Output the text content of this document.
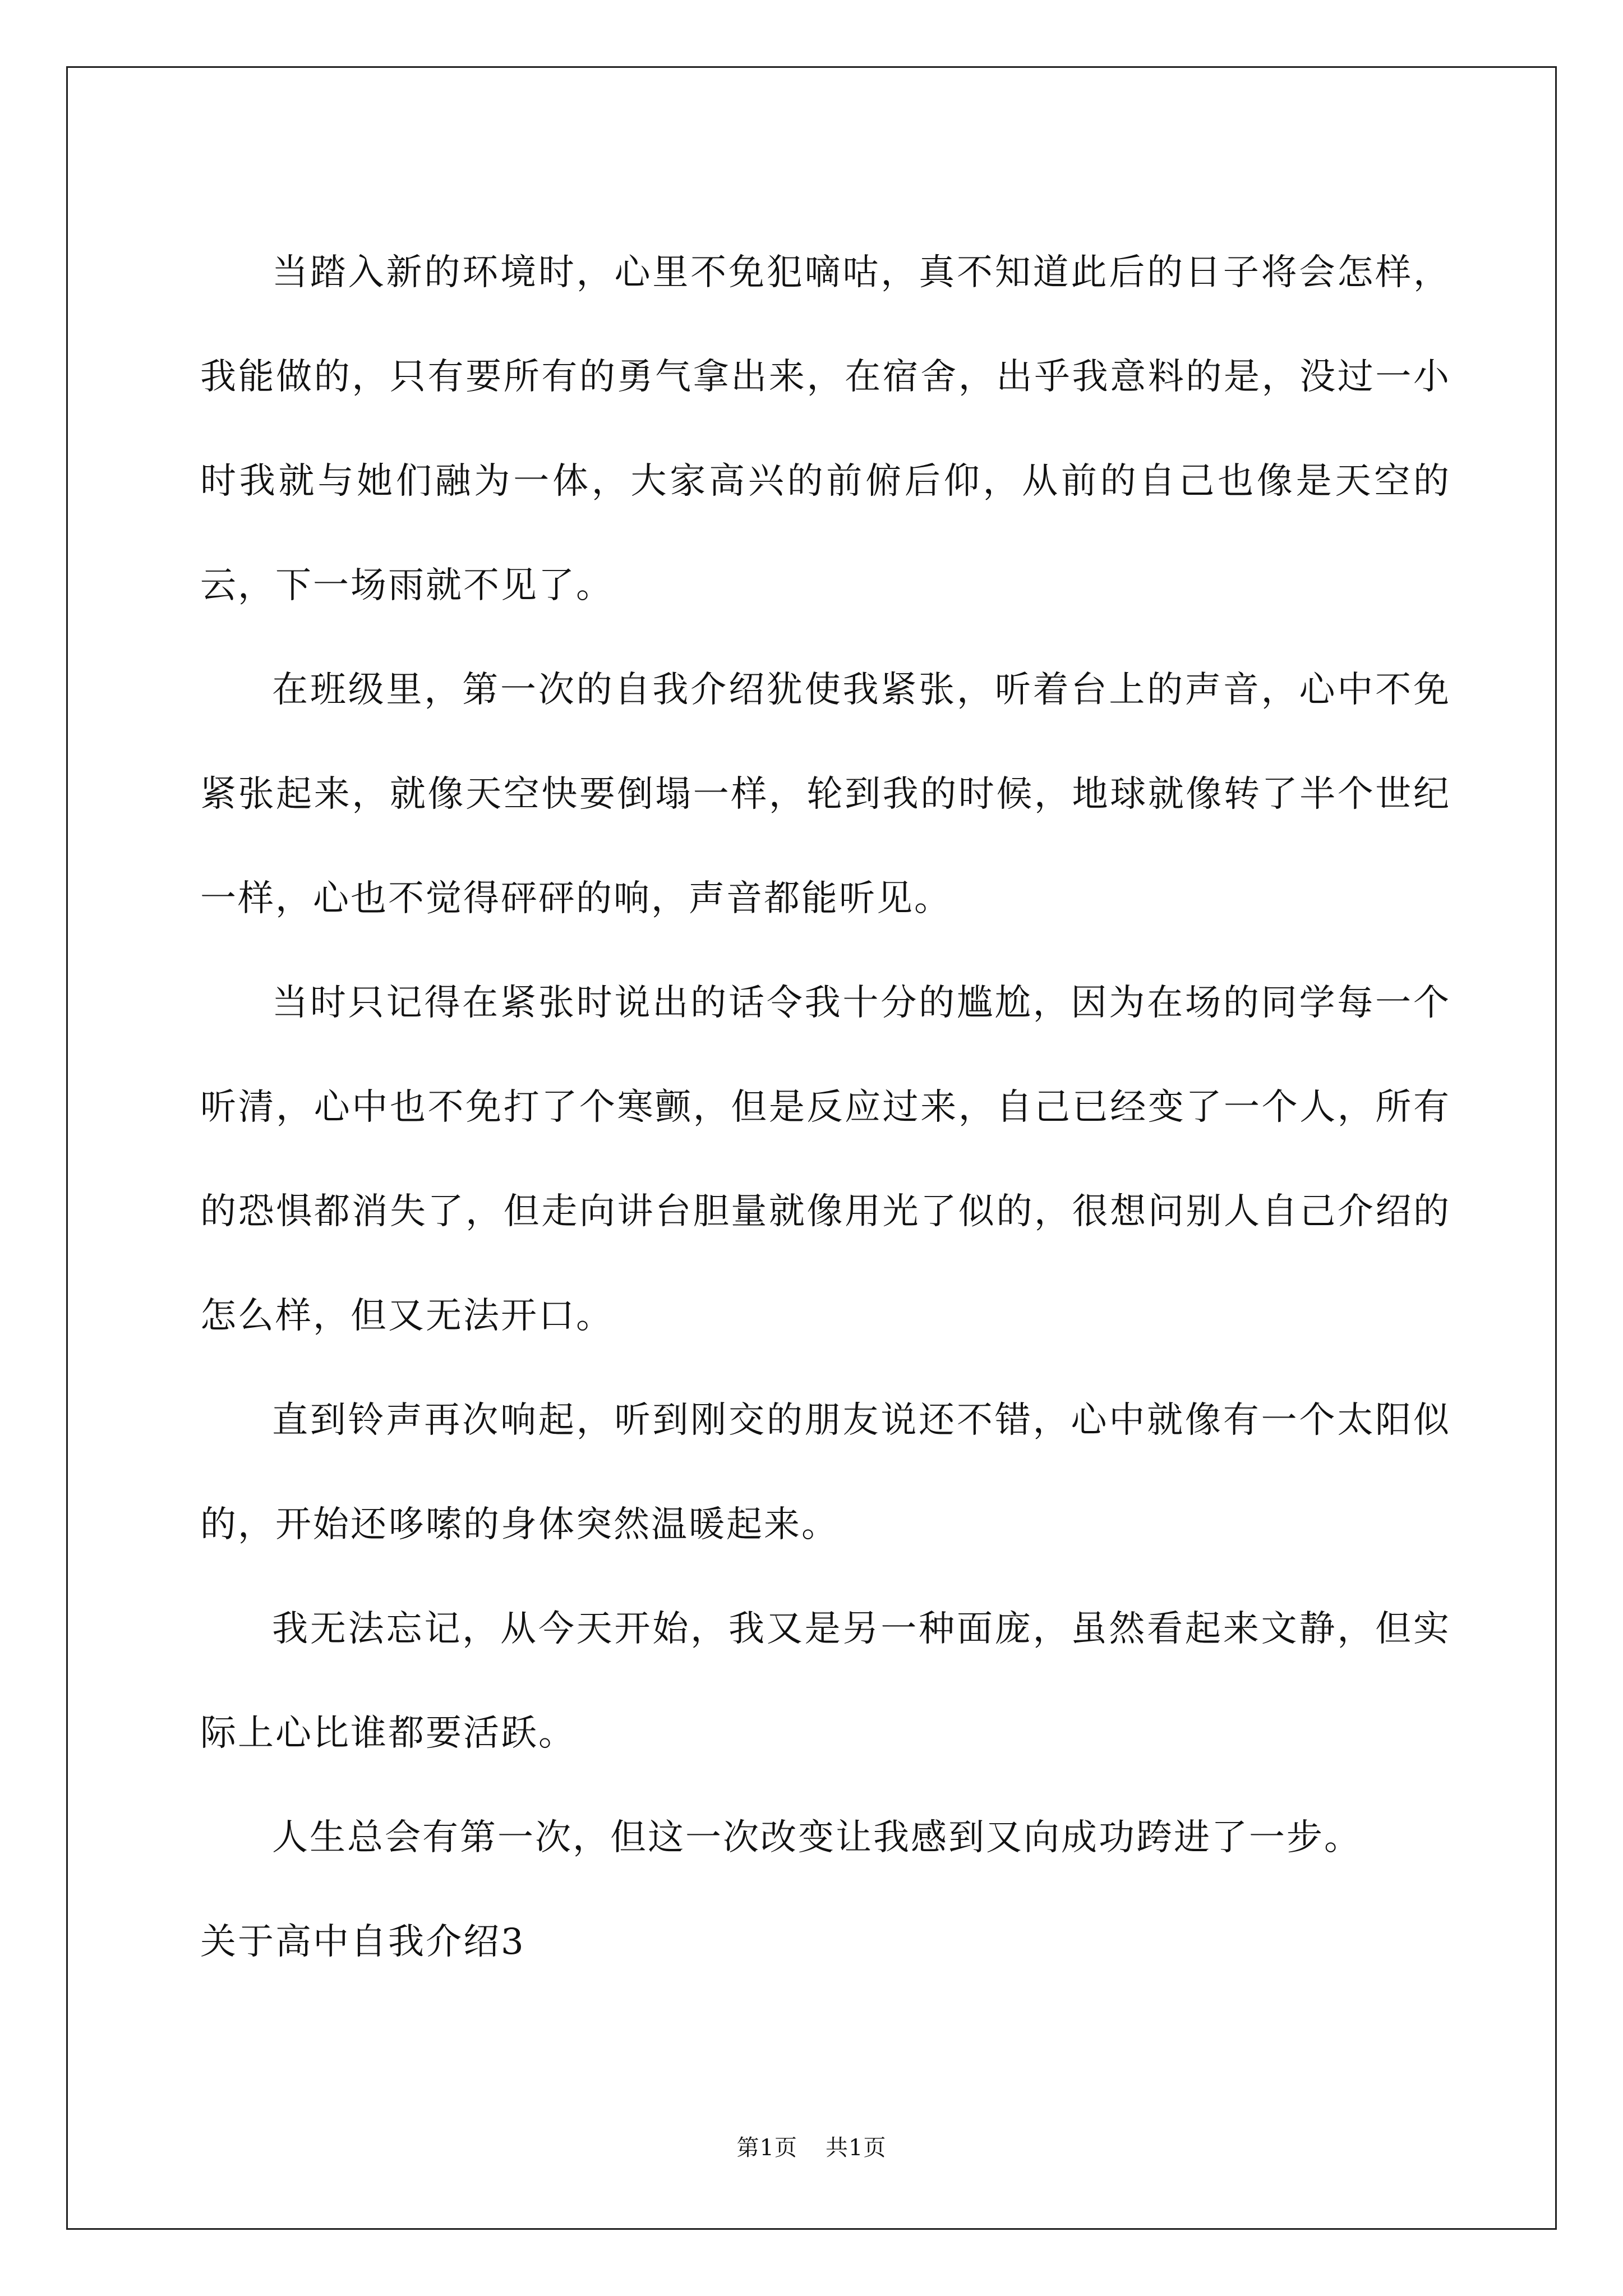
当踏入新的环境时，心里不免犯嘀咕，真不知道此后的日子将会怎样，我能做的，只有要所有的勇气拿出来，在宿舍，出乎我意料的是，没过一小时我就与她们融为一体，大家高兴的前俯后仰，从前的自己也像是天空的云，下一场雨就不见了。

在班级里，第一次的自我介绍犹使我紧张，听着台上的声音，心中不免紧张起来，就像天空快要倒塌一样，轮到我的时候，地球就像转了半个世纪一样，心也不觉得砰砰的响，声音都能听见。

当时只记得在紧张时说出的话令我十分的尴尬，因为在场的同学每一个听清，心中也不免打了个寒颤，但是反应过来，自己已经变了一个人，所有的恐惧都消失了，但走向讲台胆量就像用光了似的，很想问别人自己介绍的怎么样，但又无法开口。

直到铃声再次响起，听到刚交的朋友说还不错，心中就像有一个太阳似的，开始还哆嗦的身体突然温暖起来。

我无法忘记，从今天开始，我又是另一种面庞，虽然看起来文静，但实际上心比谁都要活跃。

人生总会有第一次，但这一次改变让我感到又向成功跨进了一步。

关于高中自我介绍3

第1页 共1页
